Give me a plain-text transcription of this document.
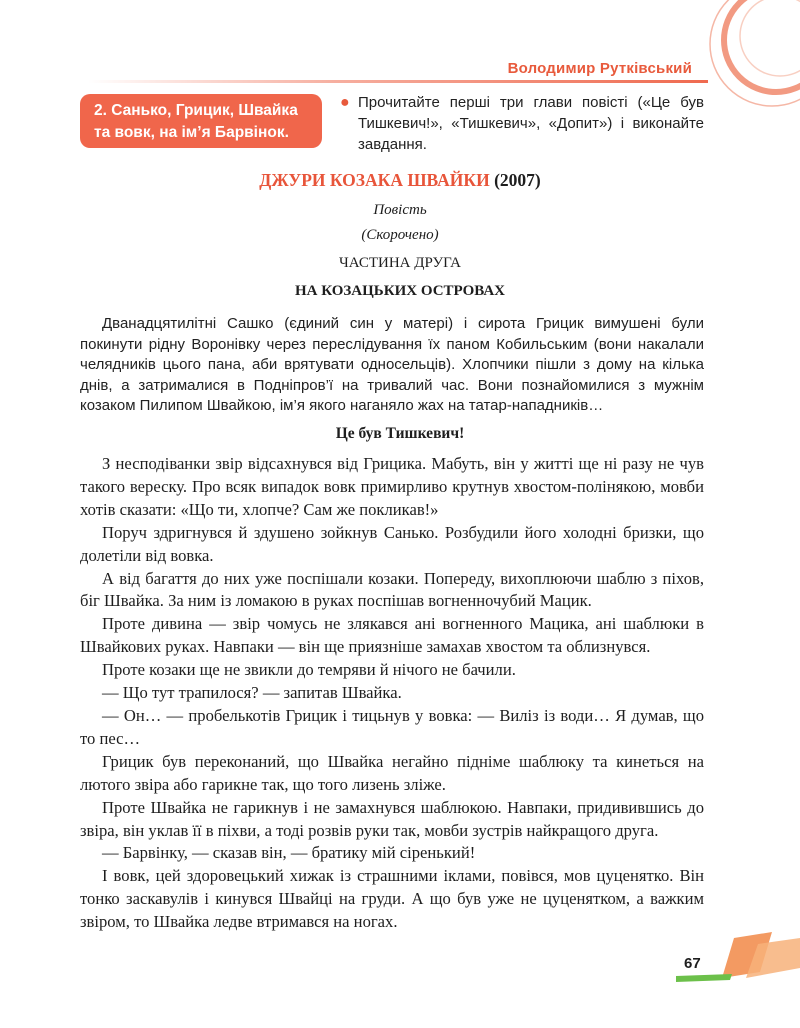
Володимир Рутківський
2. Санько, Грицик, Швайка та вовк, на ім’я Барвінок.
● Прочитайте перші три глави повісті («Це був Тишкевич!», «Тишкевич», «Допит») і виконайте завдання.
ДЖУРИ КОЗАКА ШВАЙКИ (2007)
Повість
(Скорочено)
ЧАСТИНА ДРУГА
НА КОЗАЦЬКИХ ОСТРОВАХ
Дванадцятилітні Сашко (єдиний син у матері) і сирота Грицик вимушені були покинути рідну Воронівку через переслідування їх паном Кобильським (вони накалали челядників цього пана, аби врятувати односельців). Хлопчики пішли з дому на кілька днів, а затрималися в Подніпров’ї на тривалий час. Вони познайомилися з мужнім козаком Пилипом Швайкою, ім’я якого наганяло жах на татар-нападників…
Це був Тишкевич!

З несподіванки звір відсахнувся від Грицика. Мабуть, він у житті ще ні разу не чув такого вереску. Про всяк випадок вовк примирливо крутнув хвостом-полінякою, мовби хотів сказати: «Що ти, хлопче? Сам же покликав!»

Поруч здригнувся й здушено зойкнув Санько. Розбудили його холодні бризки, що долетіли від вовка.

А від багаття до них уже поспішали козаки. Попереду, вихоплюючи шаблю з піхов, біг Швайка. За ним із ломакою в руках поспішав вогненночубий Мацик.

Проте дивина — звір чомусь не злякався ані вогненного Мацика, ані шаблюки в Швайкових руках. Навпаки — він ще приязніше замахав хвостом та облизнувся.

Проте козаки ще не звикли до темряви й нічого не бачили.

— Що тут трапилося? — запитав Швайка.

— Он… — пробелькотів Грицик і тицьнув у вовка: — Виліз із води… Я думав, що то пес…

Грицик був переконаний, що Швайка негайно підніме шаблюку та кинеться на лютого звіра або гарикне так, що того лизень зліже.

Проте Швайка не гарикнув і не замахнувся шаблюкою. Навпаки, придивившись до звіра, він уклав її в піхви, а тоді розвів руки так, мовби зустрів найкращого друга.

— Барвінку, — сказав він, — братику мій сіренький!

І вовк, цей здоровецький хижак із страшними іклами, повівся, мов цуценятко. Він тонко заскавулів і кинувся Швайці на груди. А що був уже не цуценятком, а важким звіром, то Швайка ледве втримався на ногах.

67
